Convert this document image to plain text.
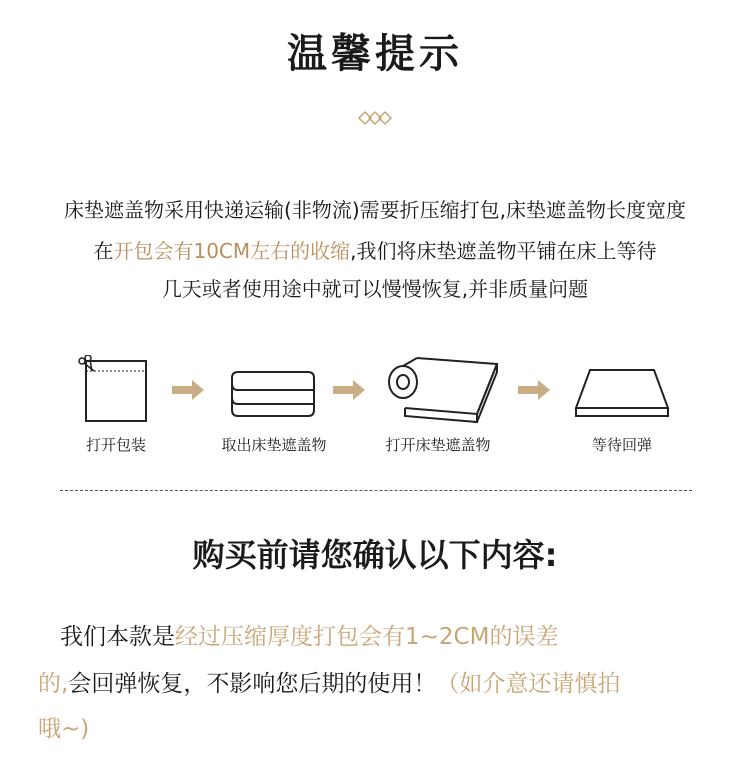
温馨提示
床垫遮盖物采用快递运输(非物流)需要折压缩打包,床垫遮盖物长度宽度
在开包会有10CM左右的收缩,我们将床垫遮盖物平铺在床上等待
几天或者使用途中就可以慢慢恢复,并非质量问题
打开包装	取出床垫遮盖物	打开床垫遮盖物	等待回弹
购买前请您确认以下内容:
我们本款是经过压缩厚度打包会有1~2CM的误差
的,会回弹恢复，不影响您后期的使用！（如介意还请慎拍
哦~)
